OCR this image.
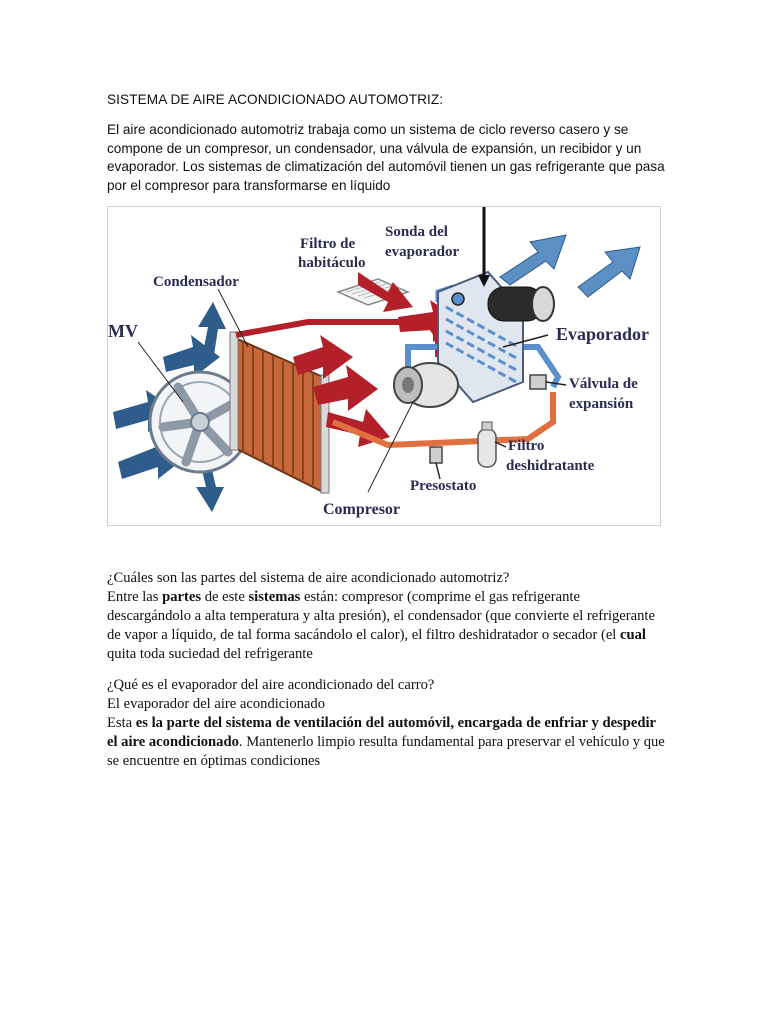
SISTEMA DE AIRE ACONDICIONADO AUTOMOTRIZ:
El aire acondicionado automotriz trabaja como un sistema de ciclo reverso casero y se compone de un compresor, un condensador, una válvula de expansión, un recibidor y un evaporador. Los sistemas de climatización del automóvil tienen un gas refrigerante que pasa por el compresor para transformarse en líquido
MV
Condensador
Filtro de
habitáculo
Sonda del
evaporador
Evaporador
Válvula de
expansión
Filtro
deshidratante
Presostato
Compresor

¿Cuáles son las partes del sistema de aire acondicionado automotriz?

Entre las partes de este sistemas están: compresor (comprime el gas refrigerante descargándolo a alta temperatura y alta presión), el condensador (que convierte el refrigerante de vapor a líquido, de tal forma sacándolo el calor), el filtro deshidratador o secador (el cual quita toda suciedad del refrigerante

¿Qué es el evaporador del aire acondicionado del carro?

El evaporador del aire acondicionado

Esta es la parte del sistema de ventilación del automóvil, encargada de enfriar y despedir el aire acondicionado. Mantenerlo limpio resulta fundamental para preservar el vehículo y que se encuentre en óptimas condiciones
